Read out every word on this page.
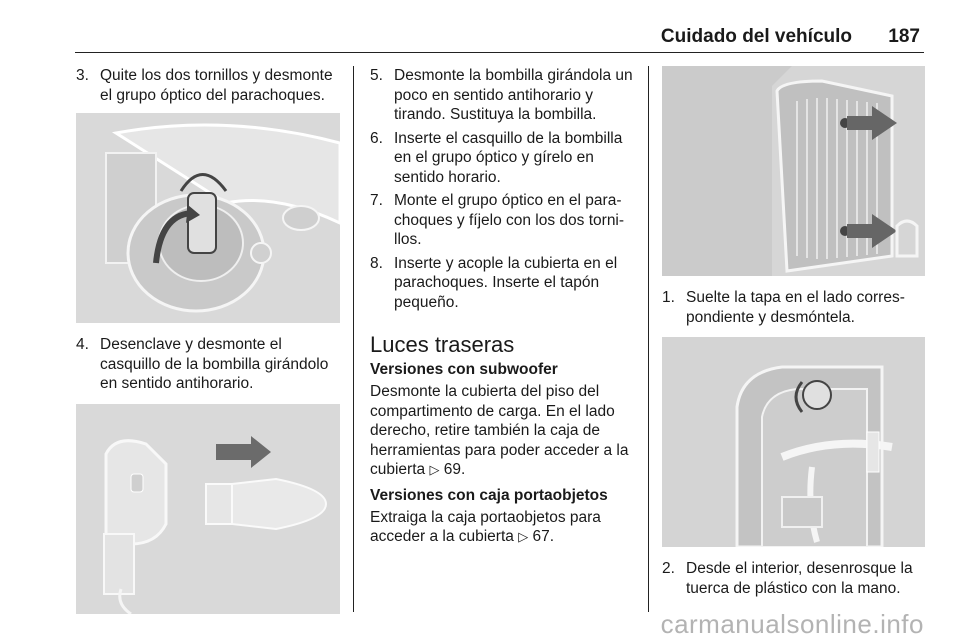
Cuidado del vehículo 187
3. Quite los dos tornillos y desmonte el grupo óptico del parachoques.
4. Desenclave y desmonte el casquillo de la bombilla girándolo en sentido antihorario.
5. Desmonte la bombilla girándola un poco en sentido antihorario y tirando. Sustituya la bombilla.
6. Inserte el casquillo de la bombilla en el grupo óptico y gírelo en sentido horario.
7. Monte el grupo óptico en el parachoques y fíjelo con los dos tornillos.
8. Inserte y acople la cubierta en el parachoques. Inserte el tapón pequeño.
Luces traseras
Versiones con subwoofer
Desmonte la cubierta del piso del compartimento de carga. En el lado derecho, retire también la caja de herramientas para poder acceder a la cubierta ▷ 69.
Versiones con caja portaobjetos
Extraiga la caja portaobjetos para acceder a la cubierta ▷ 67.
1. Suelte la tapa en el lado correspondiente y desmóntela.
2. Desde el interior, desenrosque la tuerca de plástico con la mano.
carmanualsonline.info
